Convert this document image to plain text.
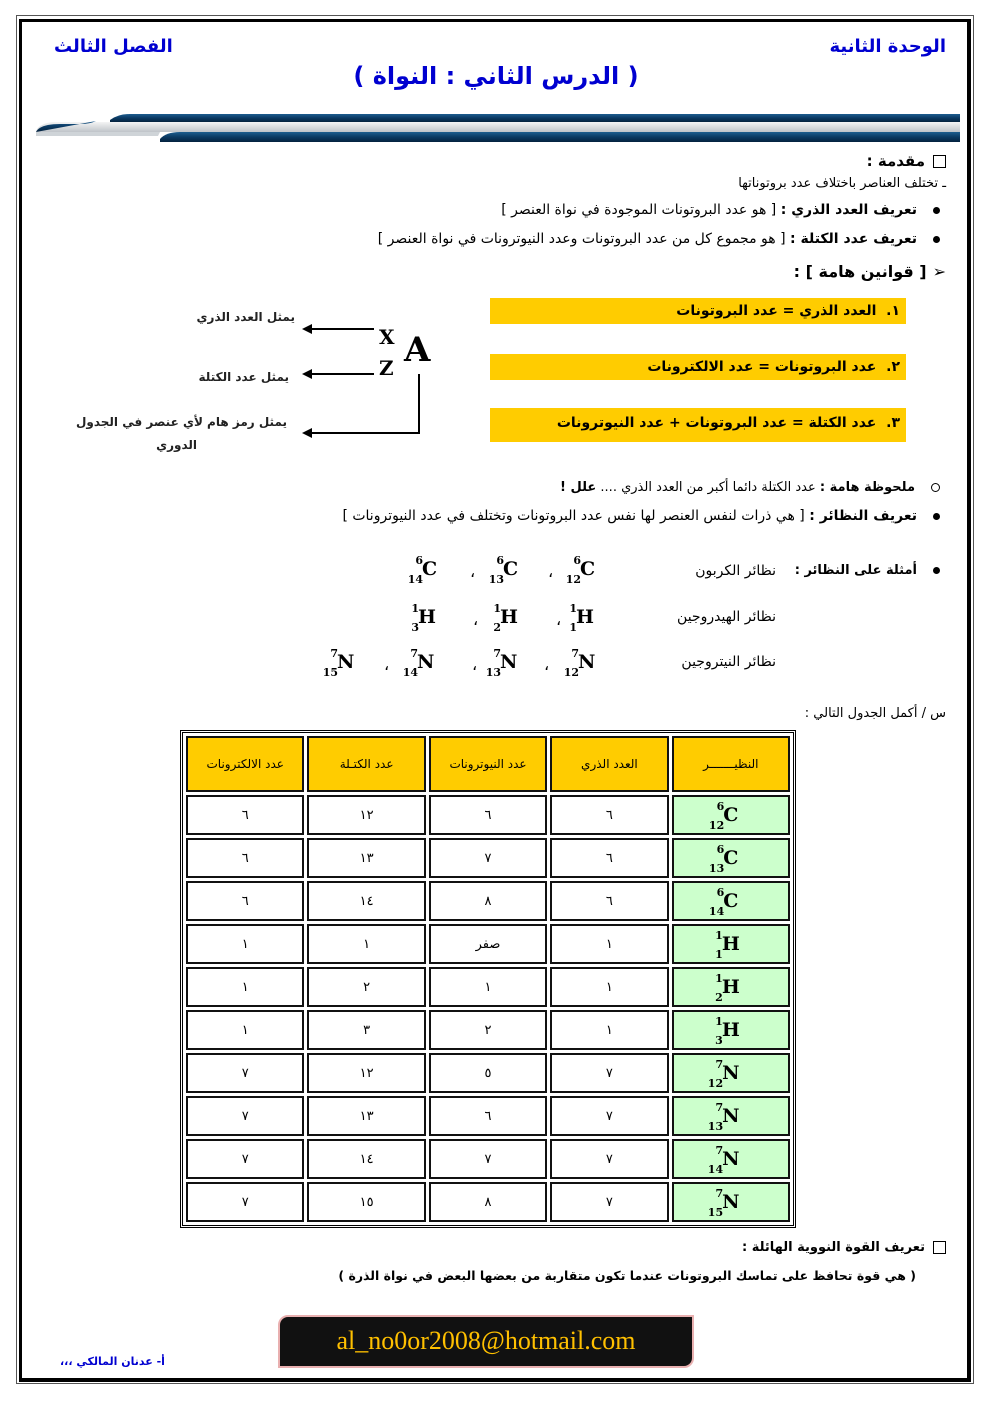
الوحدة الثانية
الفصل الثالث
( الدرس الثاني : النواة )
مقدمة :
ـ تختلف العناصر باختلاف عدد بروتوناتها
تعريف العدد الذري : [ هو عدد البروتونات الموجودة في نواة العنصر ]
تعريف عدد الكتلة : [ هو مجموع كل من عدد البروتونات وعدد النيوترونات في نواة العنصر ]
➢[ قوانين هامة ] :
١.  العدد الذري = عدد البروتونات
٢.  عدد البروتونات = عدد الالكترونات
٣.  عدد الكتلة = عدد البروتونات + عدد النيوترونات
X
Z A
يمثل العدد الذري
يمثل عدد الكتلة
يمثل رمز هام لأي عنصر في الجدول
الدوري
ملحوظة هامة : عدد الكتلة دائما أكبر من العدد الذري .... علل !
تعريف النظائر : [ هي ذرات لنفس العنصر لها نفس عدد البروتونات وتختلف في عدد النيوترونات ]
أمثلة على النظائر :
نظائر الكربون
نظائر الهيدروجين
نظائر النيتروجين
6
12 C
،
6
13 C
،
6
14 C
1
1 H
،
1
2 H
،
1
3 H
7
12 N
،
7
13 N
،
7
14 N
،
7
15 N
س / أكمل الجدول التالي :
النظيـــــــر	العدد الذري	عدد النيوترونات	عدد الكتـلة	عدد الالكترونات

6
12 C	٦	٦	١٢	٦

6
13 C	٦	٧	١٣	٦

6
14 C	٦	٨	١٤	٦

1
1 H	١	صفر	١	١

1
2 H	١	١	٢	١

1
3 H	١	٢	٣	١

7
12 N	٧	٥	١٢	٧

7
13 N	٧	٦	١٣	٧

7
14 N	٧	٧	١٤	٧

7
15 N	٧	٨	١٥	٧
تعريف القوة النووية الهائلة :
( هي قوة تحافظ على تماسك البروتونات عندما تكون متقاربة من بعضها البعض في نواة الذرة )
al_no0or2008@hotmail.com
أ- عدنان المالكي ،،،
